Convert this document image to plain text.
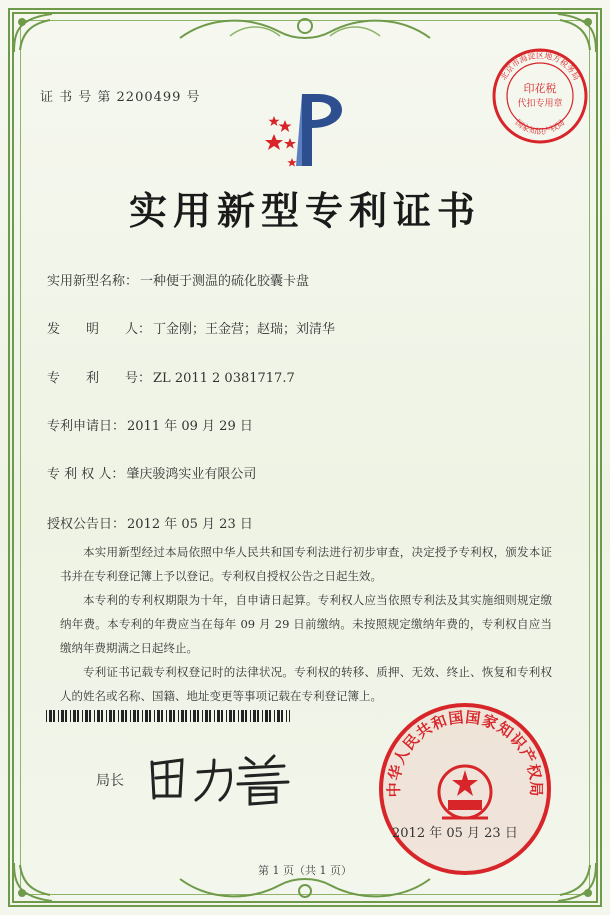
印花税
代扣专用章
北京市海淀区地方税务局
国家知识产权局
证 书 号 第 2200499 号
实用新型专利证书
实用新型名称： 一种便于测温的硫化胶囊卡盘
发　　明　　人： 丁金刚；王金营；赵瑞；刘清华
专　　利　　号： ZL 2011 2 0381717.7
专利申请日： 2011 年 09 月 29 日
专 利 权 人： 肇庆骏鸿实业有限公司
授权公告日： 2012 年 05 月 23 日

本实用新型经过本局依照中华人民共和国专利法进行初步审查，决定授予专利权，颁发本证书并在专利登记簿上予以登记。专利权自授权公告之日起生效。

本专利的专利权期限为十年，自申请日起算。专利权人应当依照专利法及其实施细则规定缴纳年费。本专利的年费应当在每年 09 月 29 日前缴纳。未按照规定缴纳年费的，专利权自应当缴纳年费期满之日起终止。

专利证书记载专利权登记时的法律状况。专利权的转移、质押、无效、终止、恢复和专利权人的姓名或名称、国籍、地址变更等事项记载在专利登记簿上。

局长
中华人民共和国国家知识产权局
2012 年 05 月 23 日
第 1 页（共 1 页）
